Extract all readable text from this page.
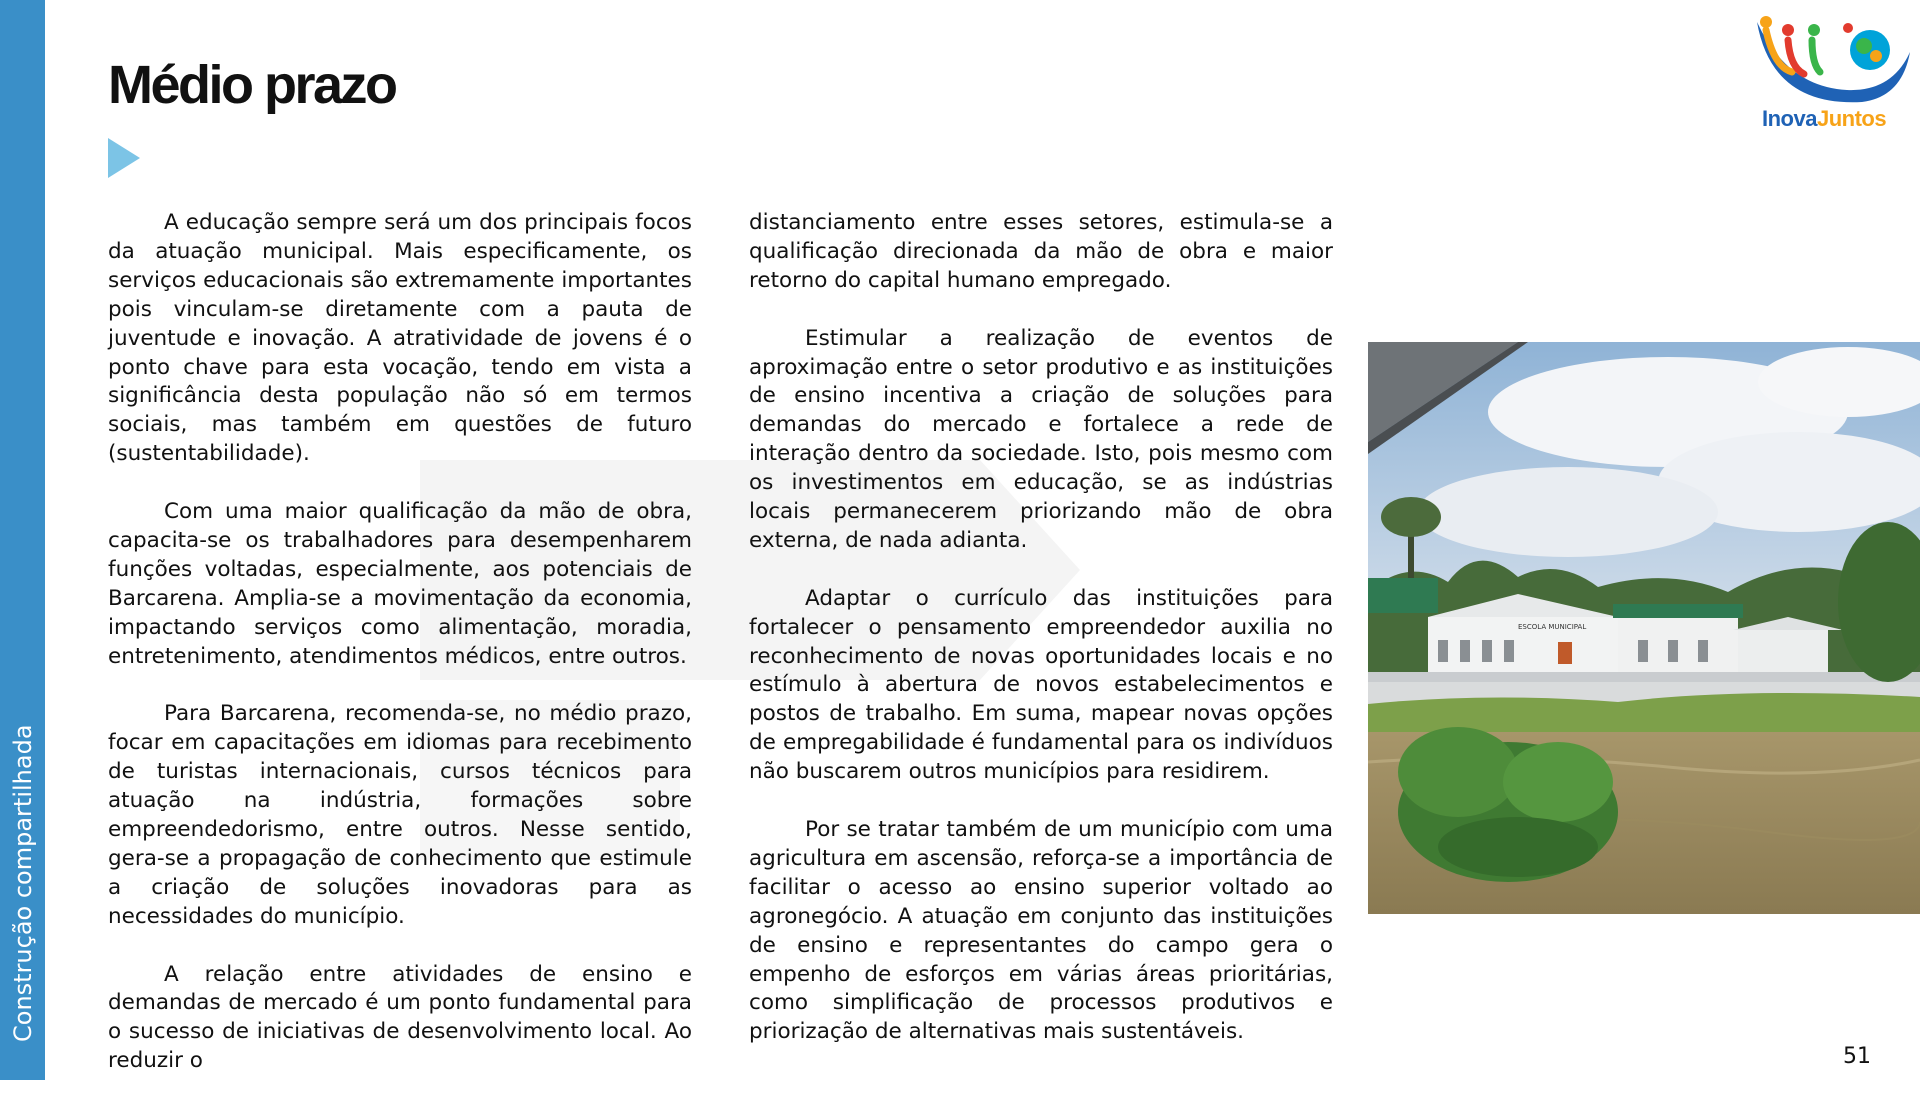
Construção compartilhada
Médio prazo

A educação sempre será um dos principais focos da atuação municipal. Mais especificamente, os serviços educacionais são extremamente importantes pois vinculam-se diretamente com a pauta de juventude e inovação. A atratividade de jovens é o ponto chave para esta vocação, tendo em vista a significância desta população não só em termos sociais, mas também em questões de futuro (sustentabilidade).

Com uma maior qualificação da mão de obra, capacita-se os trabalhadores para desempenharem funções voltadas, especialmente, aos potenciais de Barcarena. Amplia-se a movimentação da economia, impactando serviços como alimentação, moradia, entretenimento, atendimentos médicos, entre outros.

Para Barcarena, recomenda-se, no médio prazo, focar em capacitações em idiomas para recebimento de turistas internacionais, cursos técnicos para atuação na indústria, formações sobre empreendedorismo, entre outros. Nesse sentido, gera-se a propagação de conhecimento que estimule a criação de soluções inovadoras para as necessidades do município.

A relação entre atividades de ensino e demandas de mercado é um ponto fundamental para o sucesso de iniciativas de desenvolvimento local. Ao reduzir o

distanciamento entre esses setores, estimula-se a qualificação direcionada da mão de obra e maior retorno do capital humano empregado.

Estimular a realização de eventos de aproximação entre o setor produtivo e as instituições de ensino incentiva a criação de soluções para demandas do mercado e fortalece a rede de interação dentro da sociedade. Isto, pois mesmo com os investimentos em educação, se as indústrias locais permanecerem priorizando mão de obra externa, de nada adianta.

Adaptar o currículo das instituições para fortalecer o pensamento empreendedor auxilia no reconhecimento de novas oportunidades locais e no estímulo à abertura de novos estabelecimentos e postos de trabalho. Em suma, mapear novas opções de empregabilidade é fundamental para os indivíduos não buscarem outros municípios para residirem.

Por se tratar também de um município com uma agricultura em ascensão, reforça-se a importância de facilitar o acesso ao ensino superior voltado ao agronegócio. A atuação em conjunto das instituições de ensino e representantes do campo gera o empenho de esforços em várias áreas prioritárias, como simplificação de processos produtivos e priorização de alternativas mais sustentáveis.

ESCOLA MUNICIPAL
InovaJuntos
51
